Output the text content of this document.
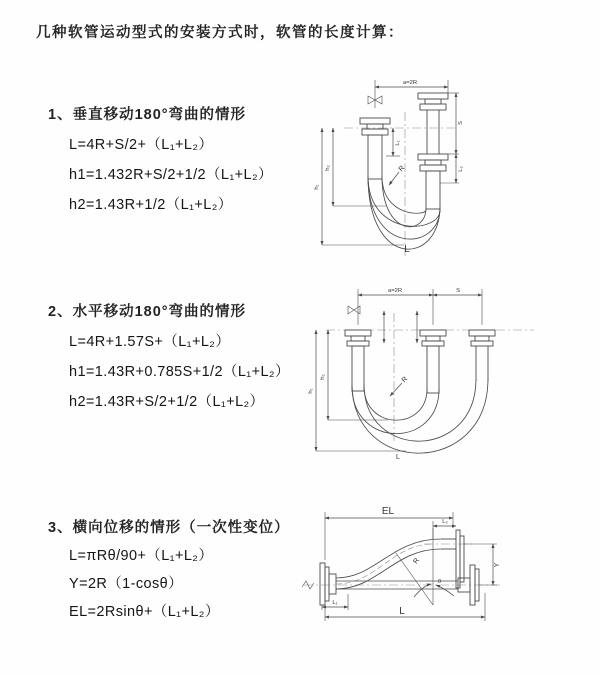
几种软管运动型式的安装方式时，软管的长度计算：
1、垂直移动180°弯曲的情形
L=4R+S/2+（L₁+L₂）
h1=1.432R+S/2+1/2（L₁+L₂）
h2=1.43R+1/2（L₁+L₂）
a=2R
S
L₂
h₁
h₂
L₁
R
L
2、水平移动180°弯曲的情形
L=4R+1.57S+（L₁+L₂）
h1=1.43R+0.785S+1/2（L₁+L₂）
h2=1.43R+S/2+1/2（L₁+L₂）
a=2R	S
h₁
h₂	R
L
3、横向位移的情形（一次性变位）
L=πRθ/90+（L₁+L₂）
Y=2R（1-cosθ）
EL=2Rsinθ+（L₁+L₂）
EL
L₂
θ
R	Y
L₁
L
